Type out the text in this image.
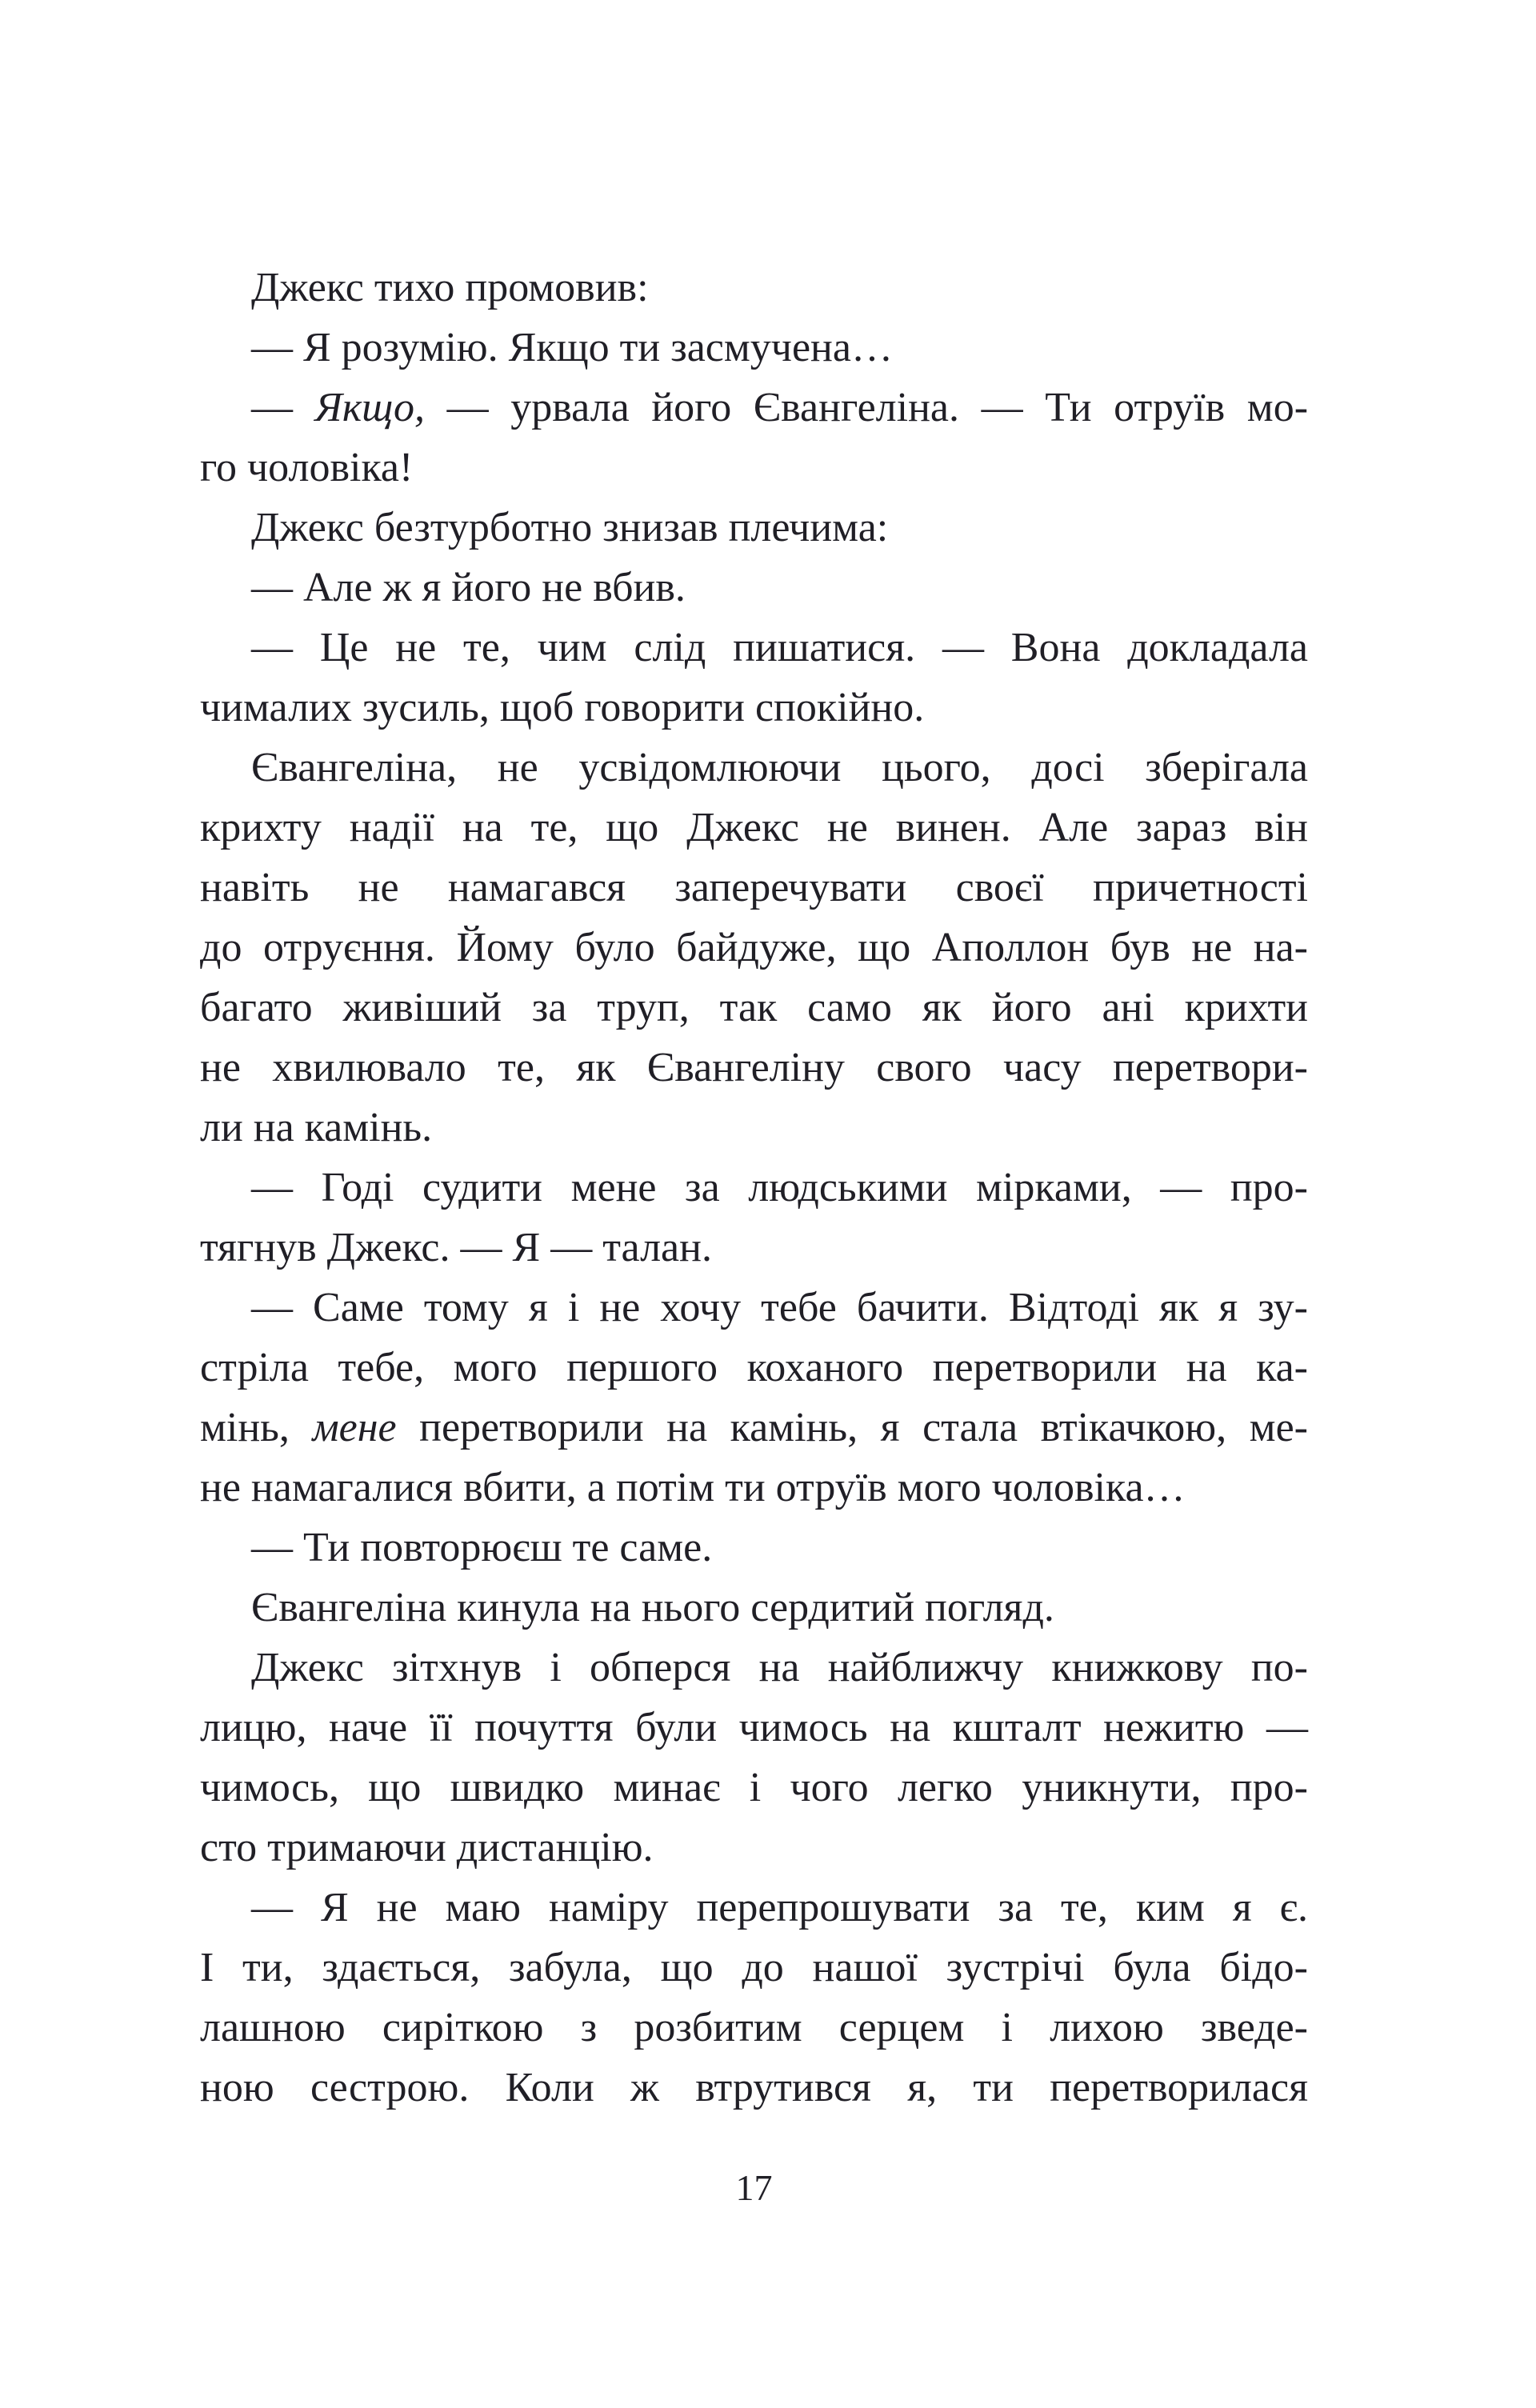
Джекс тихо промовив:
— Я розумію. Якщо ти засмучена…
— Якщо, — урвала його Євангеліна. — Ти отруїв мо-
го чоловіка!
Джекс безтурботно знизав плечима:
— Але ж я його не вбив.
— Це не те, чим слід пишатися. — Вона докладала
чималих зусиль, щоб говорити спокійно.
Євангеліна, не усвідомлюючи цього, досі зберігала
крихту надії на те, що Джекс не винен. Але зараз він
навіть не намагався заперечувати своєї причетності
до отруєння. Йому було байдуже, що Аполлон був не на-
багато живіший за труп, так само як його ані крихти
не хвилювало те, як Євангеліну свого часу перетвори-
ли на камінь.
— Годі судити мене за людськими мірками, — про-
тягнув Джекс. — Я — талан.
— Саме тому я і не хочу тебе бачити. Відтоді як я зу-
стріла тебе, мого першого коханого перетворили на ка-
мінь, мене перетворили на камінь, я стала втікачкою, ме-
не намагалися вбити, а потім ти отруїв мого чоловіка…
— Ти повторюєш те саме.
Євангеліна кинула на нього сердитий погляд.
Джекс зітхнув і обперся на найближчу книжкову по-
лицю, наче її почуття були чимось на кшталт нежитю —
чимось, що швидко минає і чого легко уникнути, про-
сто тримаючи дистанцію.
— Я не маю наміру перепрошувати за те, ким я є.
І ти, здається, забула, що до нашої зустрічі була бідо-
лашною сиріткою з розбитим серцем і лихою зведе-
ною сестрою. Коли ж втрутився я, ти перетворилася
17
